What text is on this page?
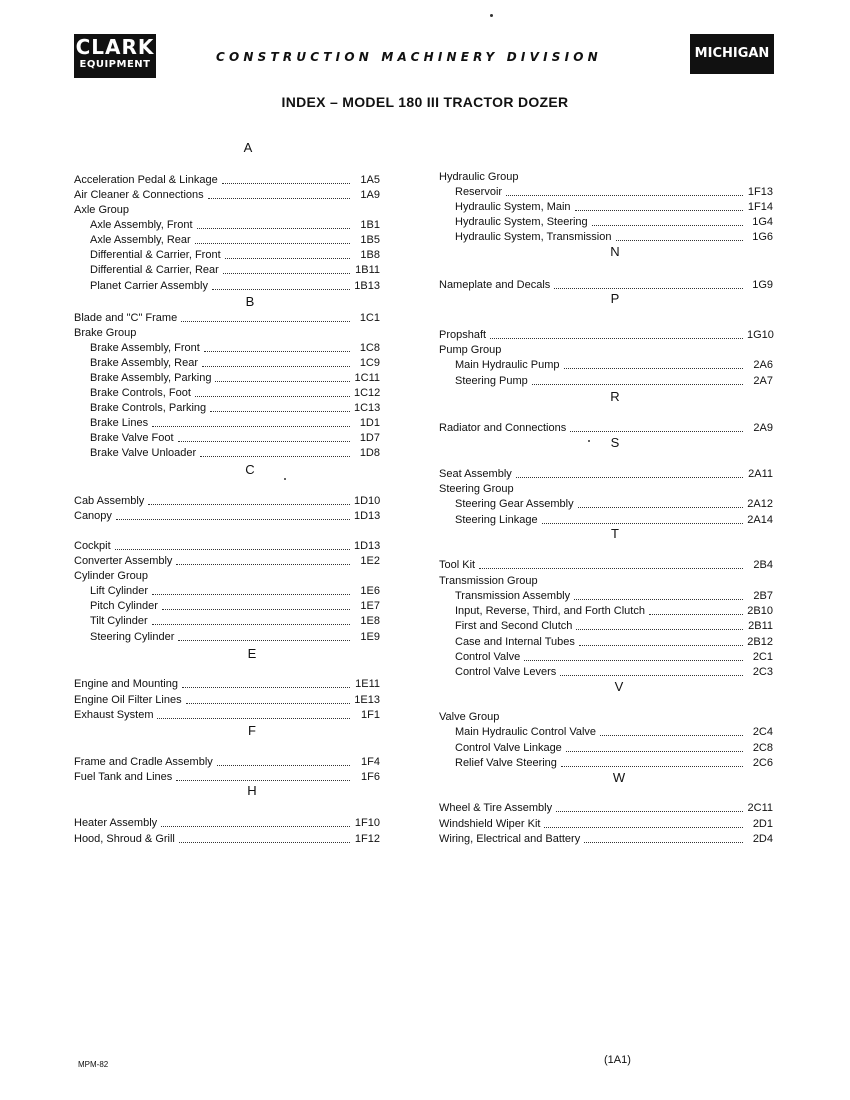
CLARK
EQUIPMENT
CONSTRUCTION MACHINERY DIVISION	MICHIGAN
INDEX – MODEL 180 III TRACTOR DOZER
A
Acceleration Pedal & Linkage	1A5
Air Cleaner & Connections	1A9
Axle Group
Axle Assembly, Front	1B1
Axle Assembly, Rear	1B5
Differential & Carrier, Front	1B8
Differential & Carrier, Rear	1B11
Planet Carrier Assembly	1B13
B
Blade and "C" Frame	1C1
Brake Group
Brake Assembly, Front	1C8
Brake Assembly, Rear	1C9
Brake Assembly, Parking	1C11
Brake Controls, Foot	1C12
Brake Controls, Parking	1C13
Brake Lines	1D1
Brake Valve Foot	1D7
Brake Valve Unloader	1D8
C
Cab Assembly	1D10
Canopy	1D13
Cockpit	1D13
Converter Assembly	1E2
Cylinder Group
Lift Cylinder	1E6
Pitch Cylinder	1E7
Tilt Cylinder	1E8
Steering Cylinder	1E9
E
Engine and Mounting	1E11
Engine Oil Filter Lines	1E13
Exhaust System	1F1
F
Frame and Cradle Assembly	1F4
Fuel Tank and Lines	1F6
H
Heater Assembly	1F10
Hood, Shroud & Grill	1F12
Hydraulic Group
Reservoir	1F13
Hydraulic System, Main	1F14
Hydraulic System, Steering	1G4
Hydraulic System, Transmission	1G6
N
Nameplate and Decals	1G9
P
Propshaft	1G10
Pump Group
Main Hydraulic Pump	2A6
Steering Pump	2A7
R
Radiator and Connections	2A9
S
Seat Assembly	2A11
Steering Group
Steering Gear Assembly	2A12
Steering Linkage	2A14
T
Tool Kit	2B4
Transmission Group
Transmission Assembly	2B7
Input, Reverse, Third, and Forth Clutch	2B10
First and Second Clutch	2B11
Case and Internal Tubes	2B12
Control Valve	2C1
Control Valve Levers	2C3
V
Valve Group
Main Hydraulic Control Valve	2C4
Control Valve Linkage	2C8
Relief Valve Steering	2C6
W
Wheel & Tire Assembly	2C11
Windshield Wiper Kit	2D1
Wiring, Electrical and Battery	2D4
MPM-82	(1A1)
